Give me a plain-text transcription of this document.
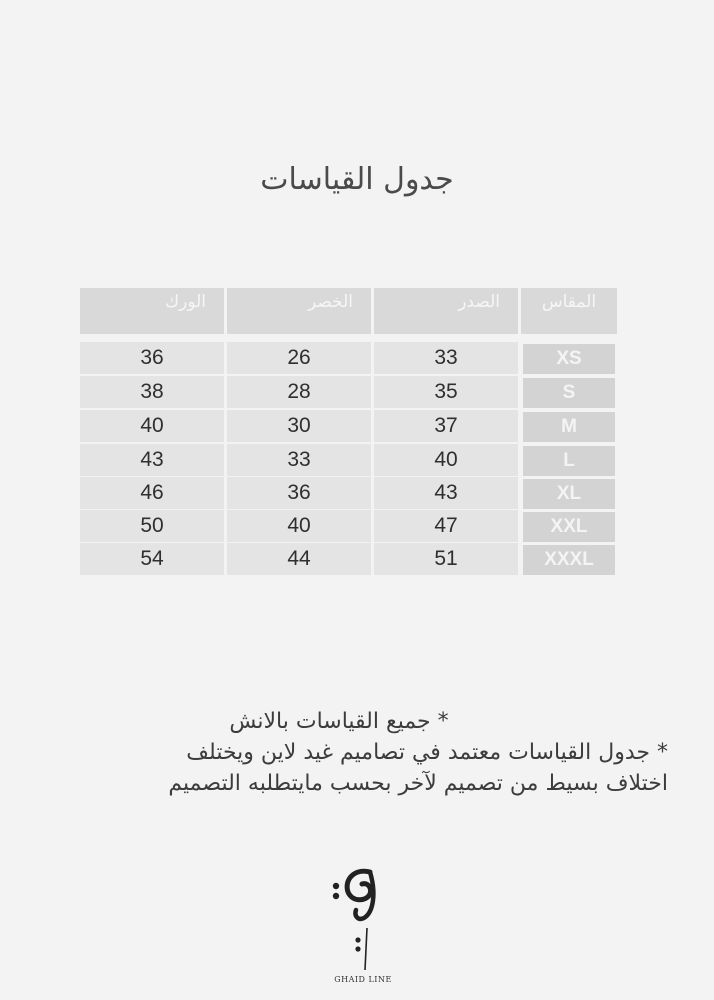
جدول القياسات
الورك	الخصر	الصدر	المقاس
36	26	33	XS
38	28	35	S
40	30	37	M
43	33	40	L
46	36	43	XL
50	40	47	XXL
54	44	51	XXXL
* جميع القياسات بالانش
* جدول القياسات معتمد في تصاميم غيد لاين ويختلف
اختلاف بسيط من تصميم لآخر بحسب مايتطلبه التصميم
GHAID LINE
